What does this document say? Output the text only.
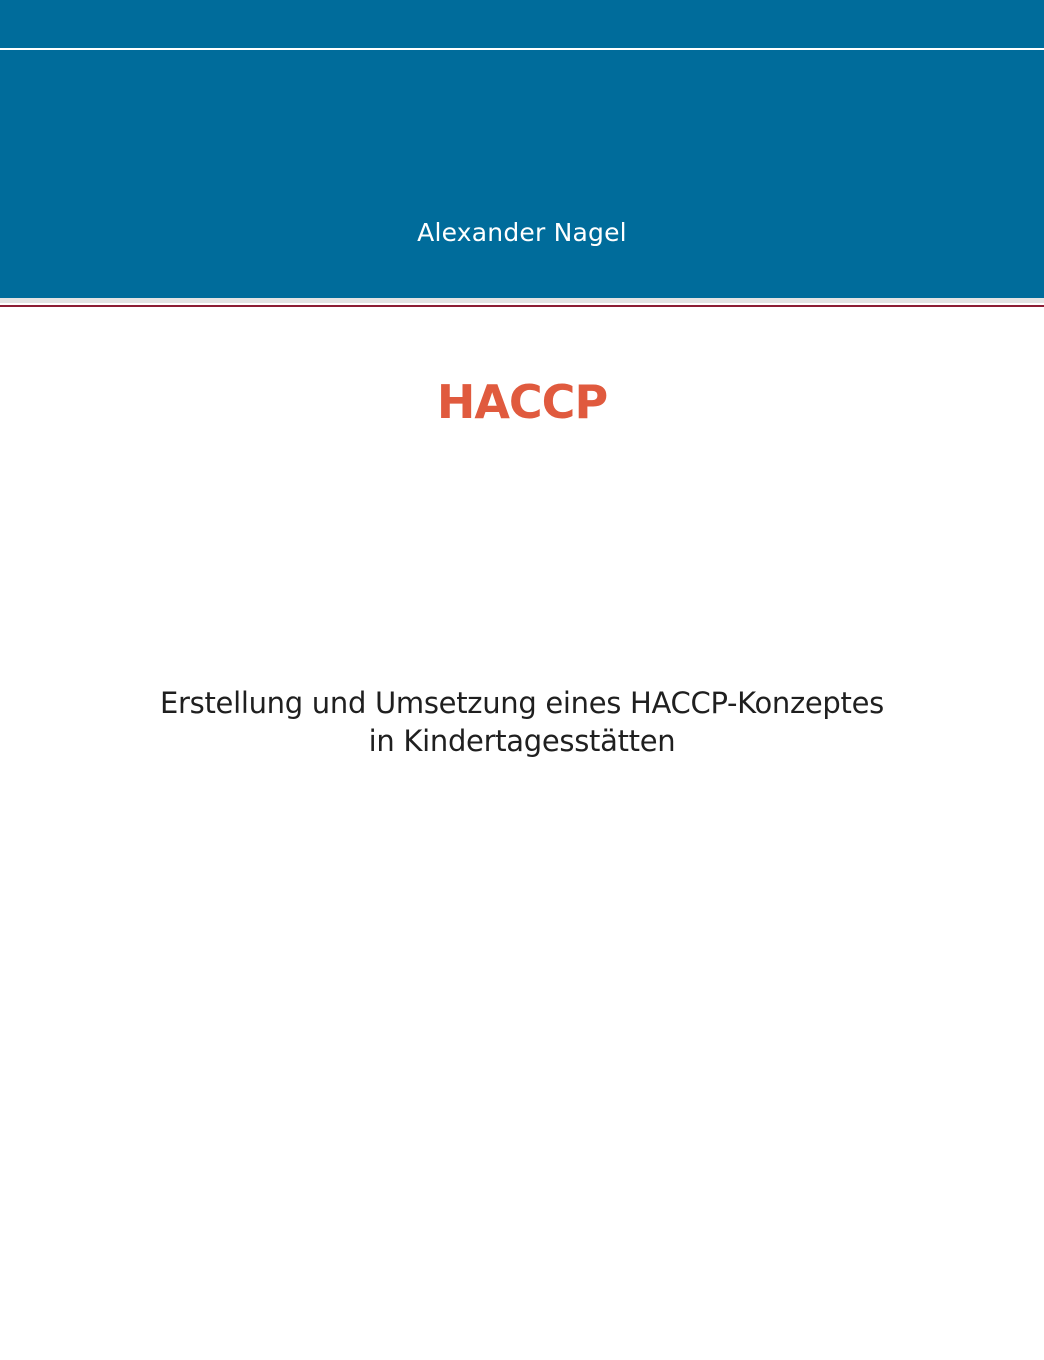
Alexander Nagel
HACCP
Erstellung und Umsetzung eines HACCP-Konzeptes
in Kindertagesstätten
